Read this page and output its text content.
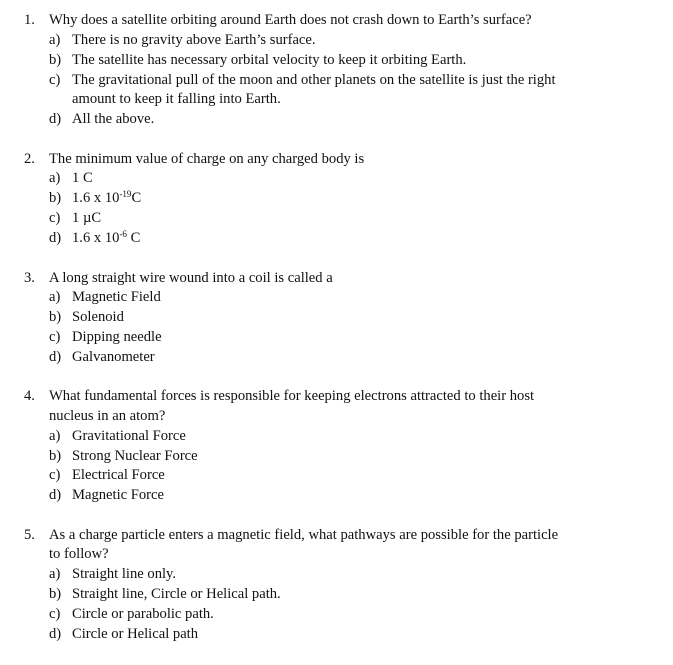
1. Why does a satellite orbiting around Earth does not crash down to Earth’s surface?
a) There is no gravity above Earth’s surface.
b) The satellite has necessary orbital velocity to keep it orbiting Earth.
c) The gravitational pull of the moon and other planets on the satellite is just the right
amount to keep it falling into Earth.
d) All the above.
2. The minimum value of charge on any charged body is
a) 1 C
b) 1.6 x $10^{-19}C$
c) 1 µC
d) 1.6 x $10^{-6}$ C
3. A long straight wire wound into a coil is called a
a) Magnetic Field
b) Solenoid
c) Dipping needle
d) Galvanometer
4. What fundamental forces is responsible for keeping electrons attracted to their host
nucleus in an atom?
a) Gravitational Force
b) Strong Nuclear Force
c) Electrical Force
d) Magnetic Force
5. As a charge particle enters a magnetic field, what pathways are possible for the particle
to follow?
a) Straight line only.
b) Straight line, Circle or Helical path.
c) Circle or parabolic path.
d) Circle or Helical path
